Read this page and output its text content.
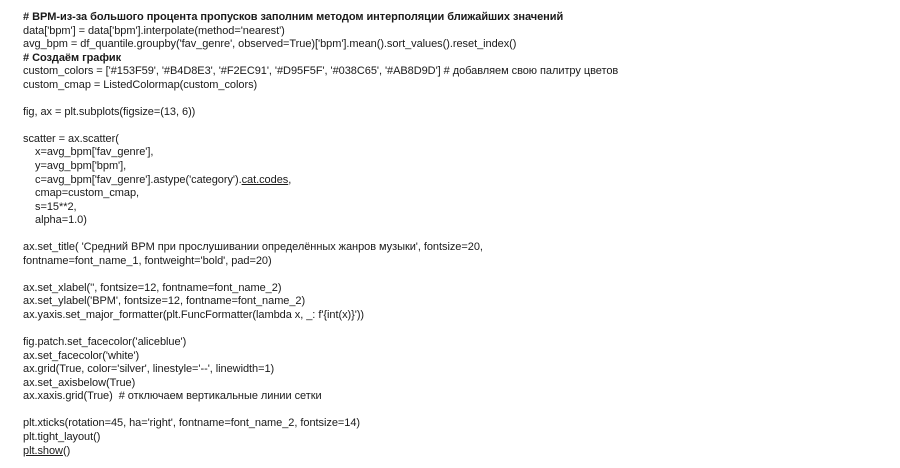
# BPM-из-за большого процента пропусков заполним методом интерполяции ближайших значений
data['bpm'] = data['bpm'].interpolate(method='nearest')
avg_bpm = df_quantile.groupby('fav_genre', observed=True)['bpm'].mean().sort_values().reset_index()
# Создаём график
custom_colors = ['#153F59', '#B4D8E3', '#F2EC91', '#D95F5F', '#038C65', '#AB8D9D'] # добавляем свою палитру цветов
custom_cmap = ListedColormap(custom_colors)
fig, ax = plt.subplots(figsize=(13, 6))
scatter = ax.scatter(
x=avg_bpm['fav_genre'],
y=avg_bpm['bpm'],
c=avg_bpm['fav_genre'].astype('category').cat.codes,
cmap=custom_cmap,
s=15**2,
alpha=1.0)
ax.set_title( 'Средний BPM при прослушивании определённых жанров музыки', fontsize=20,
fontname=font_name_1, fontweight='bold', pad=20)
ax.set_xlabel('', fontsize=12, fontname=font_name_2)
ax.set_ylabel('BPM', fontsize=12, fontname=font_name_2)
ax.yaxis.set_major_formatter(plt.FuncFormatter(lambda x, _: f'{int(x)}'))
fig.patch.set_facecolor('aliceblue')
ax.set_facecolor('white')
ax.grid(True, color='silver', linestyle='--', linewidth=1)
ax.set_axisbelow(True)
ax.xaxis.grid(True)  # отключаем вертикальные линии сетки
plt.xticks(rotation=45, ha='right', fontname=font_name_2, fontsize=14)
plt.tight_layout()
plt.show()
